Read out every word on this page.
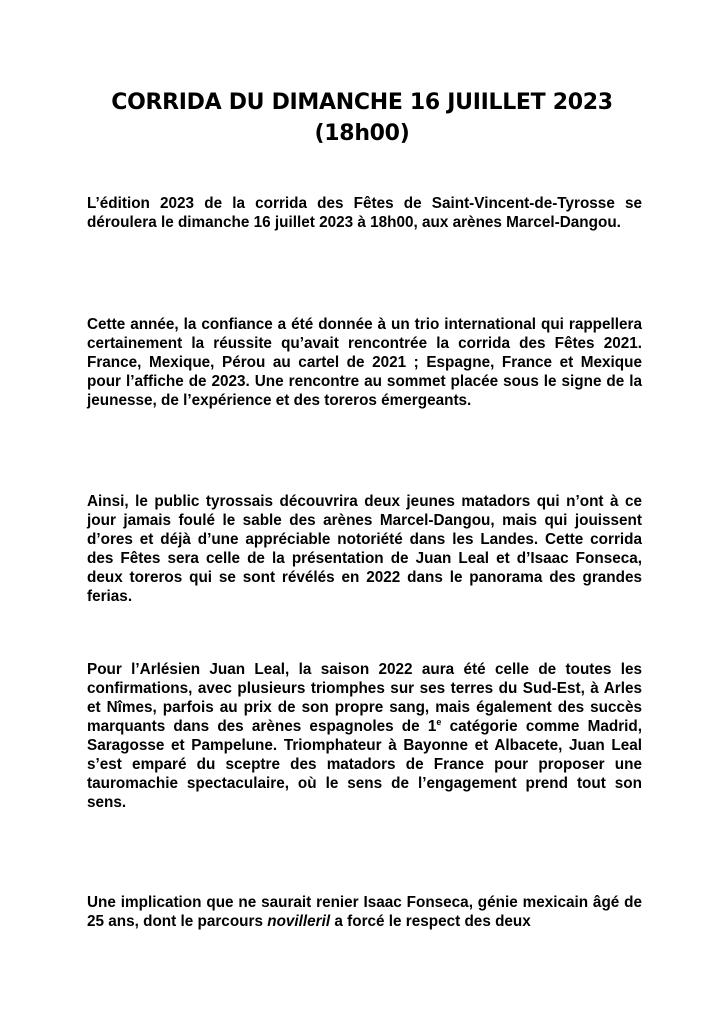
CORRIDA DU DIMANCHE 16 JUIILLET 2023
(18h00)

L’édition 2023 de la corrida des Fêtes de Saint-Vincent-de-Tyrosse se déroulera le dimanche 16 juillet 2023 à 18h00, aux arènes Marcel-Dangou.

Cette année, la confiance a été donnée à un trio international qui rappellera certainement la réussite qu’avait rencontrée la corrida des Fêtes 2021. France, Mexique, Pérou au cartel de 2021 ; Espagne, France et Mexique pour l’affiche de 2023. Une rencontre au sommet placée sous le signe de la jeunesse, de l’expérience et des toreros émergeants.

Ainsi, le public tyrossais découvrira deux jeunes matadors qui n’ont à ce jour jamais foulé le sable des arènes Marcel-Dangou, mais qui jouissent d’ores et déjà d’une appréciable notoriété dans les Landes. Cette corrida des Fêtes sera celle de la présentation de Juan Leal et d’Isaac Fonseca, deux toreros qui se sont révélés en 2022 dans le panorama des grandes ferias.

Pour l’Arlésien Juan Leal, la saison 2022 aura été celle de toutes les confirmations, avec plusieurs triomphes sur ses terres du Sud-Est, à Arles et Nîmes, parfois au prix de son propre sang, mais également des succès marquants dans des arènes espagnoles de 1e catégorie comme Madrid, Saragosse et Pampelune. Triomphateur à Bayonne et Albacete, Juan Leal s’est emparé du sceptre des matadors de France pour proposer une tauromachie spectaculaire, où le sens de l’engagement prend tout son sens.

Une implication que ne saurait renier Isaac Fonseca, génie mexicain âgé de 25 ans, dont le parcours novilleril a forcé le respect des deux
